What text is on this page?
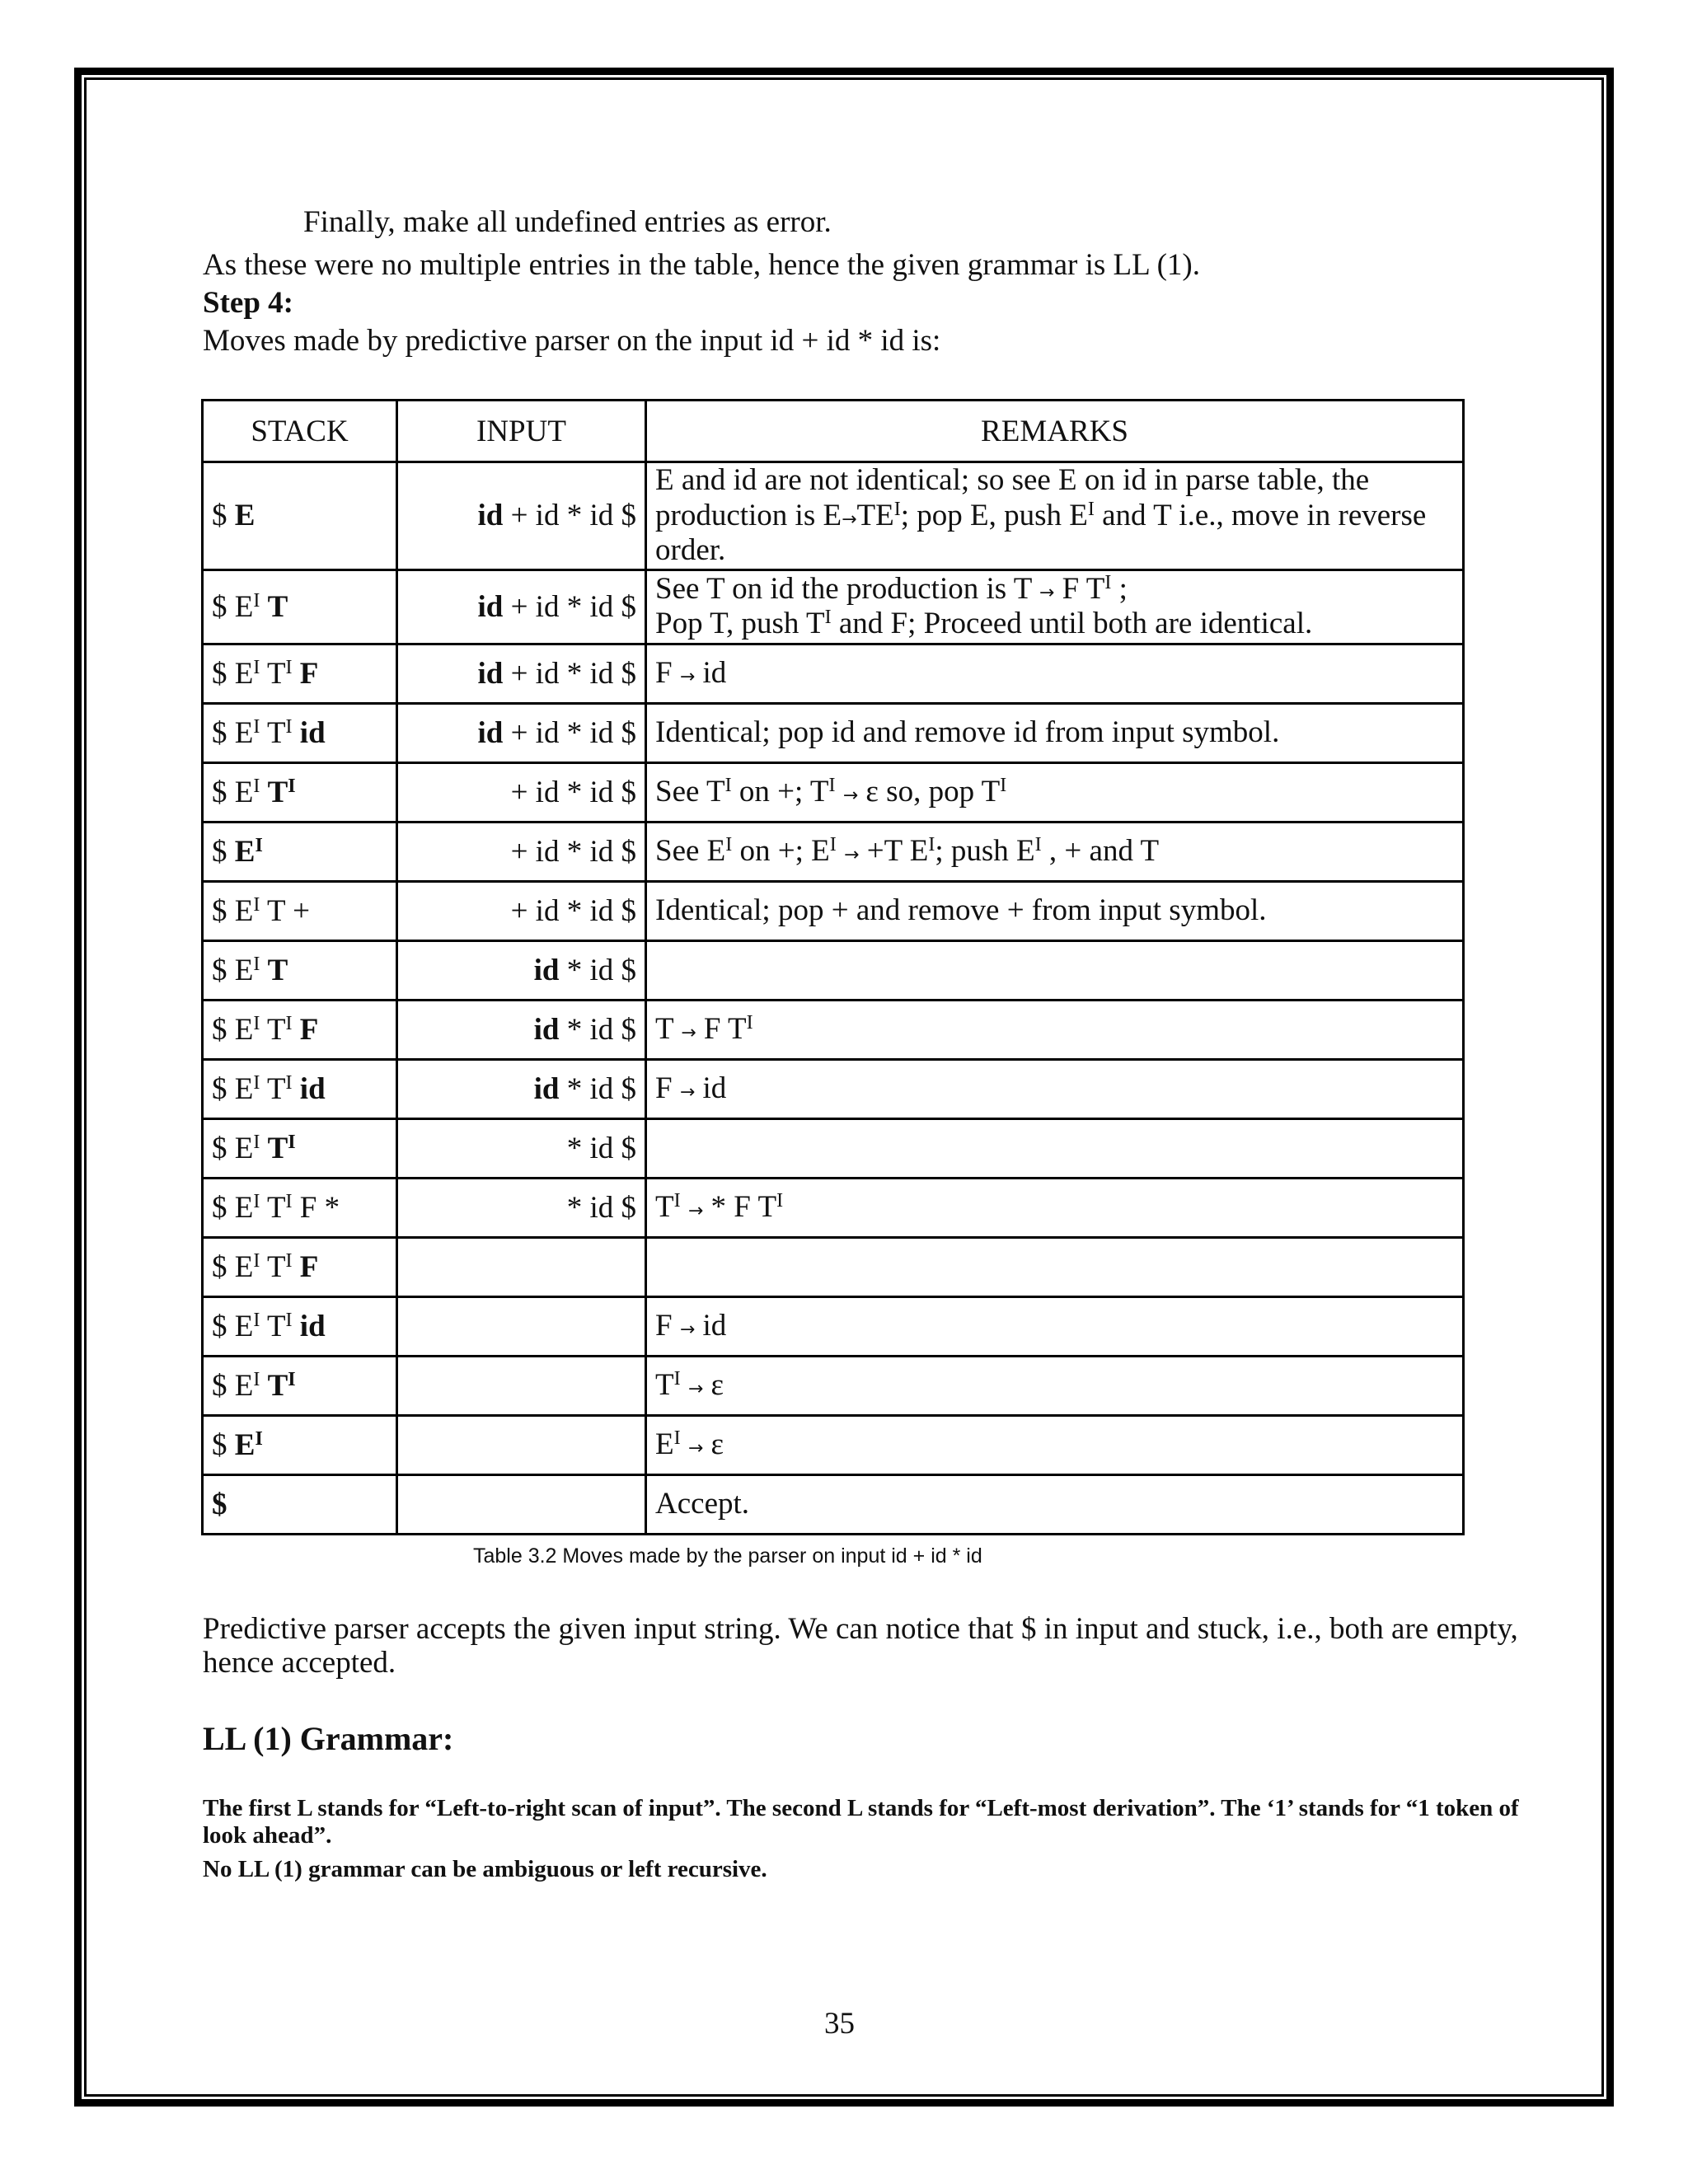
Finally, make all undefined entries as error.
As these were no multiple entries in the table, hence the given grammar is LL (1).
Step 4:
Moves made by predictive parser on the input id + id * id is:
STACK	INPUT	REMARKS
$ E	id + id * id $	E and id are not identical; so see E on id in parse table, the production is $E\to TE^I$; pop E, push $E^I$ and T i.e., move in reverse order.
$ $E^I$ T	id + id * id $	See T on id the production is T → F $T^I$ ;
Pop T, push $T^I$ and F; Proceed until both are identical.
$ $E^I$ $T^I$ F	id + id * id $	F → id
$ $E^I$ $T^I$ id	id + id * id $	Identical; pop id and remove id from input symbol.
$ $E^I$ $T^I$	+ id * id $	See $T^I$ on +; $T^I \to \varepsilon$ so, pop $T^I$
$ $E^I$	+ id * id $	See $E^I$ on +; $E^I \to +T$ $E^I$; push $E^I$ , + and T
$ $E^I$ T +	+ id * id $	Identical; pop + and remove + from input symbol.
$ $E^I$ T	id * id $	
$ $E^I$ $T^I$ F	id * id $	T → F $T^I$
$ $E^I$ $T^I$ id	id * id $	F → id
$ $E^I$ $T^I$	* id $	
$ $E^I$ $T^I$ F *	* id $	$T^I$ → * F $T^I$
$ $E^I$ $T^I$ F		
$ $E^I$ $T^I$ id		F → id
$ $E^I$ $T^I$		$T^I \to \varepsilon$
$ $E^I$		$E^I \to \varepsilon$
$		Accept.
Table 3.2 Moves made by the parser on input id + id * id
Predictive parser accepts the given input string. We can notice that $ in input and stuck, i.e., both are empty, hence accepted.
LL (1) Grammar:
The first L stands for “Left-to-right scan of input”. The second L stands for “Left-most derivation”. The ‘1’ stands for “1 token of look ahead”.
No LL (1) grammar can be ambiguous or left recursive.
35
